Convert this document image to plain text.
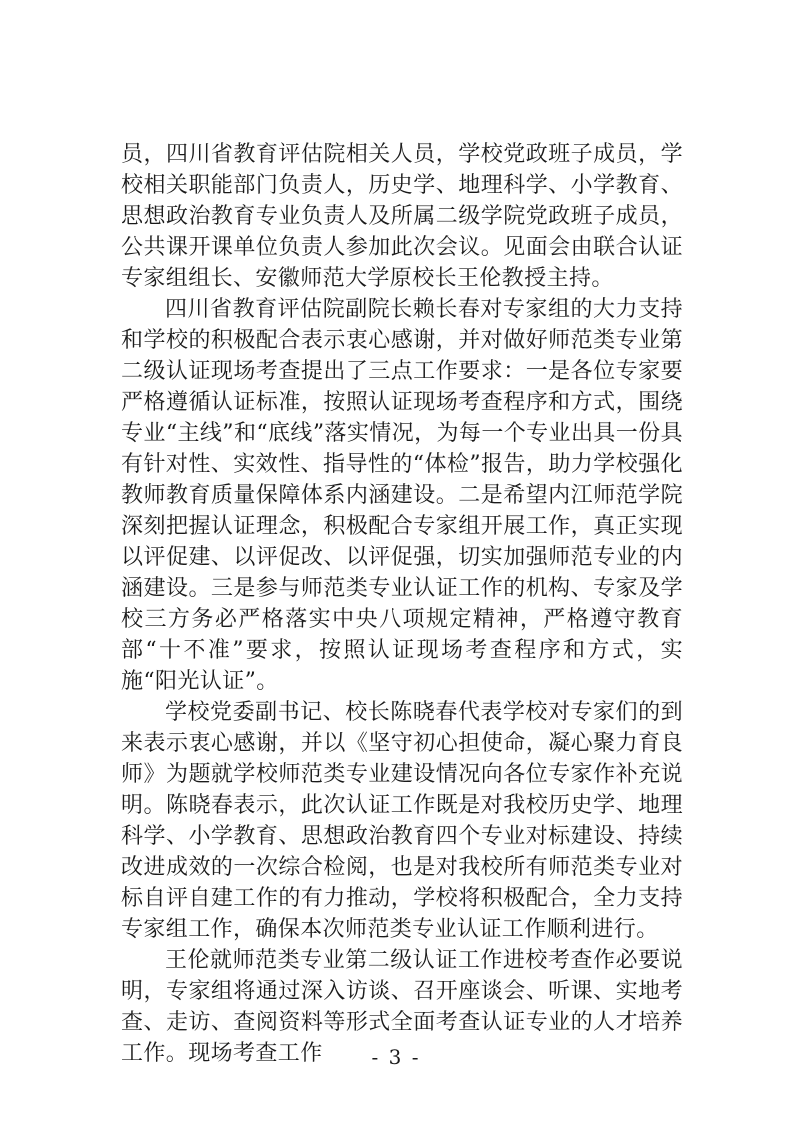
员，四川省教育评估院相关人员，学校党政班子成员，学校相关职能部门负责人，历史学、地理科学、小学教育、思想政治教育专业负责人及所属二级学院党政班子成员，公共课开课单位负责人参加此次会议。见面会由联合认证专家组组长、安徽师范大学原校长王伦教授主持。

四川省教育评估院副院长赖长春对专家组的大力支持和学校的积极配合表示衷心感谢，并对做好师范类专业第二级认证现场考查提出了三点工作要求：一是各位专家要严格遵循认证标准，按照认证现场考查程序和方式，围绕专业“主线”和“底线”落实情况，为每一个专业出具一份具有针对性、实效性、指导性的“体检”报告，助力学校强化教师教育质量保障体系内涵建设。二是希望内江师范学院深刻把握认证理念，积极配合专家组开展工作，真正实现以评促建、以评促改、以评促强，切实加强师范专业的内涵建设。三是参与师范类专业认证工作的机构、专家及学校三方务必严格落实中央八项规定精神，严格遵守教育部“十不准”要求，按照认证现场考查程序和方式，实施“阳光认证”。

学校党委副书记、校长陈晓春代表学校对专家们的到来表示衷心感谢，并以《坚守初心担使命，凝心聚力育良师》为题就学校师范类专业建设情况向各位专家作补充说明。陈晓春表示，此次认证工作既是对我校历史学、地理科学、小学教育、思想政治教育四个专业对标建设、持续改进成效的一次综合检阅，也是对我校所有师范类专业对标自评自建工作的有力推动，学校将积极配合，全力支持专家组工作，确保本次师范类专业认证工作顺利进行。

王伦就师范类专业第二级认证工作进校考查作必要说明，专家组将通过深入访谈、召开座谈会、听课、实地考查、走访、查阅资料等形式全面考查认证专业的人才培养工作。现场考查工作	- 3 -
